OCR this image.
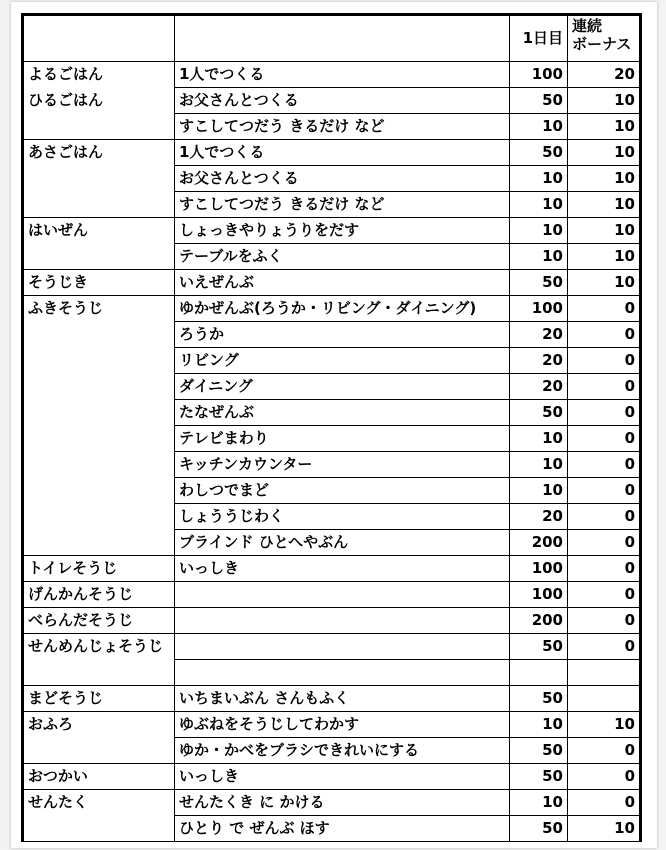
		1日目	連続
ボーナス

よるごはん	1人でつくる	100	20
ひるごはん	お父さんとつくる	50	10
	すこしてつだう きるだけ など	10	10
あさごはん	1人でつくる	50	10
	お父さんとつくる	10	10
	すこしてつだう きるだけ など	10	10
はいぜん	しょっきやりょうりをだす	10	10
	テーブルをふく	10	10
そうじき	いえぜんぶ	50	10
ふきそうじ	ゆかぜんぶ(ろうか・リビング・ダイニング)	100	0
	ろうか	20	0
	リビング	20	0
	ダイニング	20	0
	たなぜんぶ	50	0
	テレビまわり	10	0
	キッチンカウンター	10	0
	わしつでまど	10	0
	しょううじわく	20	0
	ブラインド ひとへやぶん	200	0
トイレそうじ	いっしき	100	0
げんかんそうじ		100	0
べらんだそうじ		200	0
せんめんじょそうじ		50	0

まどそうじ	いちまいぶん さんもふく	50	
おふろ	ゆぶねをそうじしてわかす	10	10
	ゆか・かべをブラシできれいにする	50	0
おつかい	いっしき	50	0
せんたく	せんたくき に かける	10	0
	ひとり で ぜんぶ ほす	50	10
